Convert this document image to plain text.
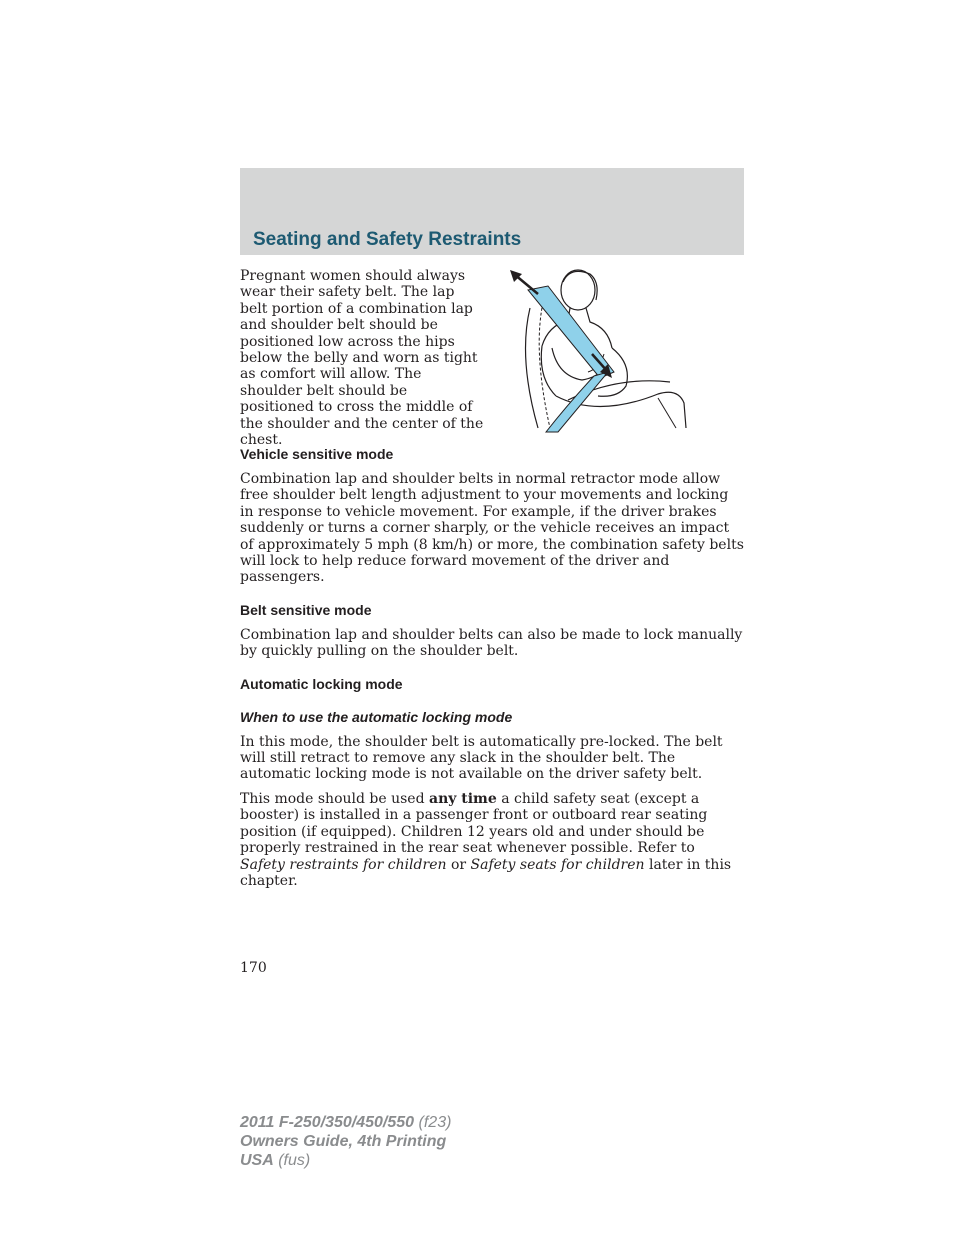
Seating and Safety Restraints

Pregnant women should always wear their safety belt. The lap belt portion of a combination lap and shoulder belt should be positioned low across the hips below the belly and worn as tight as comfort will allow. The shoulder belt should be positioned to cross the middle of the shoulder and the center of the chest.

Vehicle sensitive mode

Combination lap and shoulder belts in normal retractor mode allow free shoulder belt length adjustment to your movements and locking in response to vehicle movement. For example, if the driver brakes suddenly or turns a corner sharply, or the vehicle receives an impact of approximately 5 mph (8 km/h) or more, the combination safety belts will lock to help reduce forward movement of the driver and passengers.

Belt sensitive mode

Combination lap and shoulder belts can also be made to lock manually by quickly pulling on the shoulder belt.

Automatic locking mode
When to use the automatic locking mode

In this mode, the shoulder belt is automatically pre-locked. The belt will still retract to remove any slack in the shoulder belt. The automatic locking mode is not available on the driver safety belt.

This mode should be used any time a child safety seat (except a booster) is installed in a passenger front or outboard rear seating position (if equipped). Children 12 years old and under should be properly restrained in the rear seat whenever possible. Refer to Safety restraints for children or Safety seats for children later in this chapter.

170
2011 F-250/350/450/550 (f23)
Owners Guide, 4th Printing
USA (fus)
